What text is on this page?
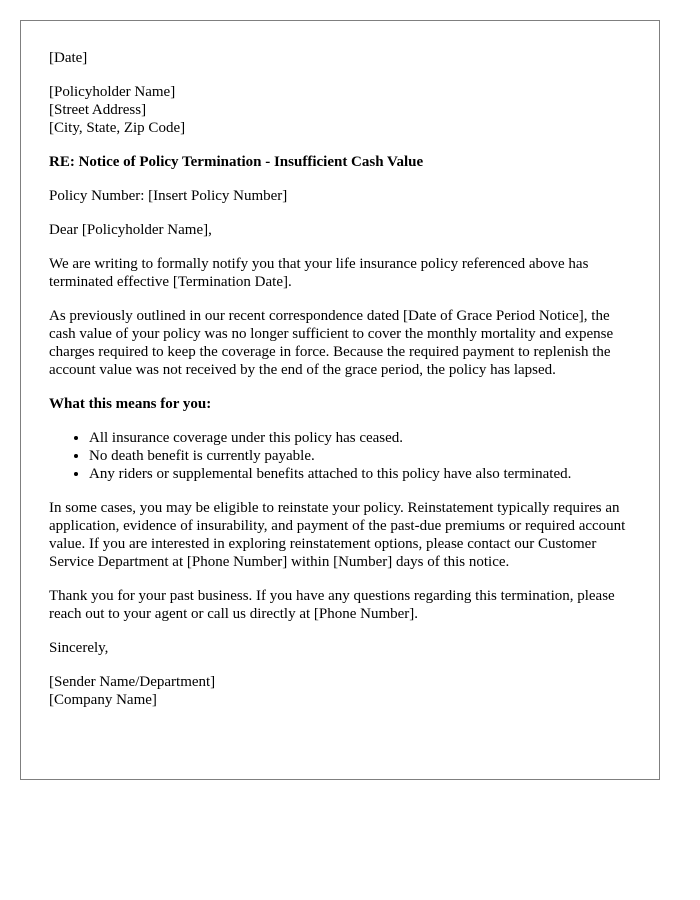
[Date]

[Policyholder Name]
[Street Address]
[City, State, Zip Code]

RE: Notice of Policy Termination - Insufficient Cash Value

Policy Number: [Insert Policy Number]

Dear [Policyholder Name],

We are writing to formally notify you that your life insurance policy referenced above has terminated effective [Termination Date].

As previously outlined in our recent correspondence dated [Date of Grace Period Notice], the cash value of your policy was no longer sufficient to cover the monthly mortality and expense charges required to keep the coverage in force. Because the required payment to replenish the account value was not received by the end of the grace period, the policy has lapsed.

What this means for you:

• All insurance coverage under this policy has ceased.
• No death benefit is currently payable.
• Any riders or supplemental benefits attached to this policy have also terminated.

In some cases, you may be eligible to reinstate your policy. Reinstatement typically requires an application, evidence of insurability, and payment of the past-due premiums or required account value. If you are interested in exploring reinstatement options, please contact our Customer Service Department at [Phone Number] within [Number] days of this notice.

Thank you for your past business. If you have any questions regarding this termination, please reach out to your agent or call us directly at [Phone Number].

Sincerely,

[Sender Name/Department]
[Company Name]
